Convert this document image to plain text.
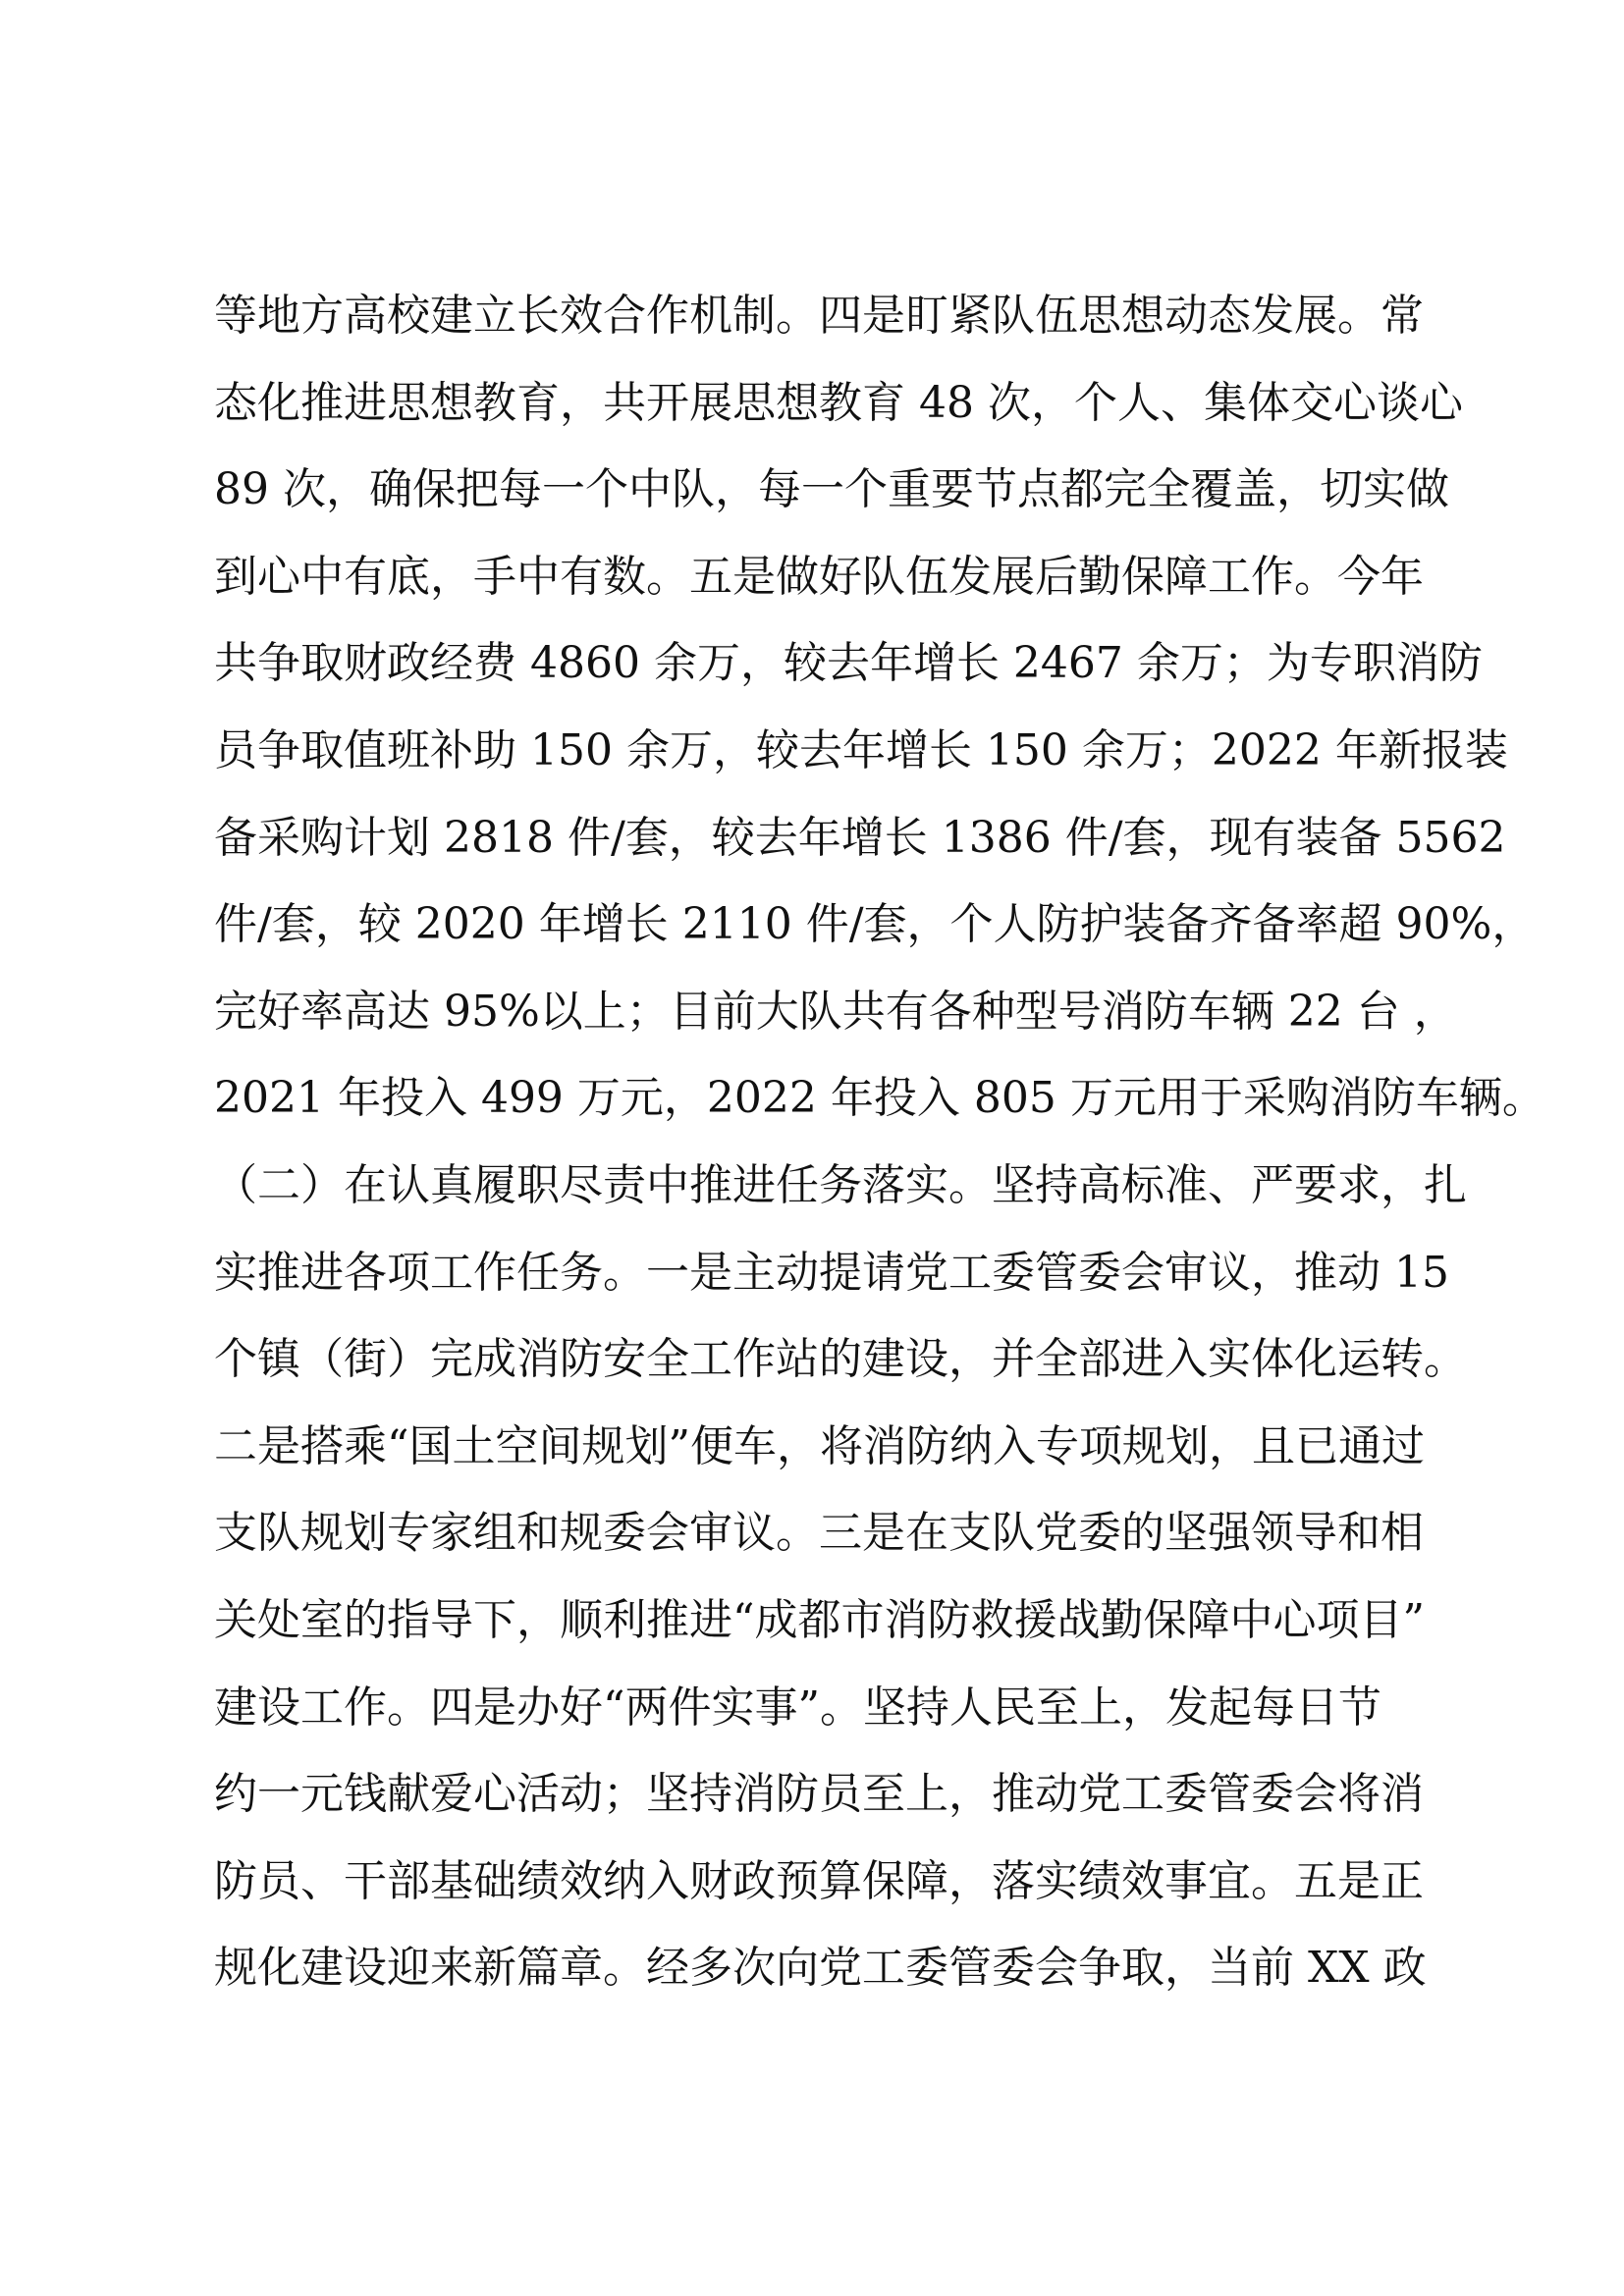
等地方高校建立长效合作机制。四是盯紧队伍思想动态发展。常
态化推进思想教育，共开展思想教育 48 次，个人、集体交心谈心
89 次，确保把每一个中队，每一个重要节点都完全覆盖，切实做
到心中有底，手中有数。五是做好队伍发展后勤保障工作。今年
共争取财政经费 4860 余万，较去年增长 2467 余万；为专职消防
员争取值班补助 150 余万，较去年增长 150 余万；2022 年新报装
备采购计划 2818 件/套，较去年增长 1386 件/套，现有装备 5562
件/套，较 2020 年增长 2110 件/套，个人防护装备齐备率超 90%，
完好率高达 95%以上；目前大队共有各种型号消防车辆 22 台 ，
2021 年投入 499 万元，2022 年投入 805 万元用于采购消防车辆。
（二）在认真履职尽责中推进任务落实。坚持高标准、严要求，扎
实推进各项工作任务。一是主动提请党工委管委会审议，推动 15
个镇（街）完成消防安全工作站的建设，并全部进入实体化运转。
二是搭乘“国土空间规划”便车，将消防纳入专项规划，且已通过
支队规划专家组和规委会审议。三是在支队党委的坚强领导和相
关处室的指导下，顺利推进“成都市消防救援战勤保障中心项目”
建设工作。四是办好“两件实事”。坚持人民至上，发起每日节
约一元钱献爱心活动；坚持消防员至上，推动党工委管委会将消
防员、干部基础绩效纳入财政预算保障，落实绩效事宜。五是正
规化建设迎来新篇章。经多次向党工委管委会争取，当前 XX 政
